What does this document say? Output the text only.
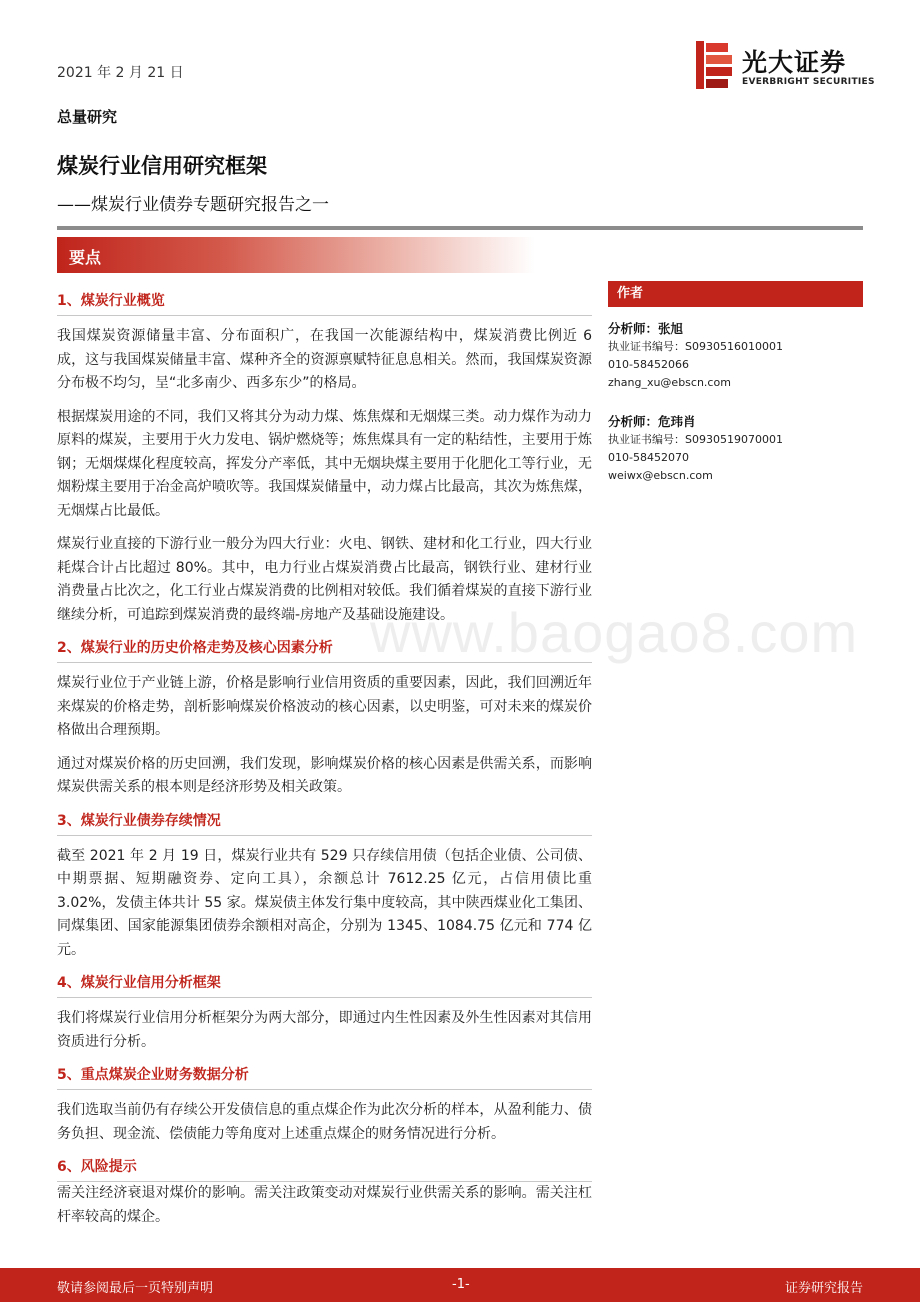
2021 年 2 月 21 日	光大证券
EVERBRIGHT SECURITIES
总量研究
煤炭行业信用研究框架
——煤炭行业债券专题研究报告之一
要点
www.baogao8.com
1、煤炭行业概览

我国煤炭资源储量丰富、分布面积广，在我国一次能源结构中，煤炭消费比例近 6 成，这与我国煤炭储量丰富、煤种齐全的资源禀赋特征息息相关。然而，我国煤炭资源分布极不均匀，呈“北多南少、西多东少”的格局。

根据煤炭用途的不同，我们又将其分为动力煤、炼焦煤和无烟煤三类。动力煤作为动力原料的煤炭，主要用于火力发电、锅炉燃烧等；炼焦煤具有一定的粘结性，主要用于炼钢；无烟煤煤化程度较高，挥发分产率低，其中无烟块煤主要用于化肥化工等行业，无烟粉煤主要用于冶金高炉喷吹等。我国煤炭储量中，动力煤占比最高，其次为炼焦煤，无烟煤占比最低。

煤炭行业直接的下游行业一般分为四大行业：火电、钢铁、建材和化工行业，四大行业耗煤合计占比超过 80%。其中，电力行业占煤炭消费占比最高，钢铁行业、建材行业消费量占比次之，化工行业占煤炭消费的比例相对较低。我们循着煤炭的直接下游行业继续分析，可追踪到煤炭消费的最终端-房地产及基础设施建设。

2、煤炭行业的历史价格走势及核心因素分析

煤炭行业位于产业链上游，价格是影响行业信用资质的重要因素，因此，我们回溯近年来煤炭的价格走势，剖析影响煤炭价格波动的核心因素，以史明鉴，可对未来的煤炭价格做出合理预期。

通过对煤炭价格的历史回溯，我们发现，影响煤炭价格的核心因素是供需关系，而影响煤炭供需关系的根本则是经济形势及相关政策。

3、煤炭行业债券存续情况

截至 2021 年 2 月 19 日，煤炭行业共有 529 只存续信用债（包括企业债、公司债、中期票据、短期融资券、定向工具），余额总计 7612.25 亿元，占信用债比重 3.02%，发债主体共计 55 家。煤炭债主体发行集中度较高，其中陕西煤业化工集团、同煤集团、国家能源集团债券余额相对高企，分别为 1345、1084.75 亿元和 774 亿元。

4、煤炭行业信用分析框架

我们将煤炭行业信用分析框架分为两大部分，即通过内生性因素及外生性因素对其信用资质进行分析。

5、重点煤炭企业财务数据分析

我们选取当前仍有存续公开发债信息的重点煤企作为此次分析的样本，从盈利能力、债务负担、现金流、偿债能力等角度对上述重点煤企的财务情况进行分析。

6、风险提示

需关注经济衰退对煤价的影响。需关注政策变动对煤炭行业供需关系的影响。需关注杠杆率较高的煤企。

作者
分析师：张旭
执业证书编号：S0930516010001
010-58452066
zhang_xu@ebscn.com
分析师：危玮肖
执业证书编号：S0930519070001
010-58452070
weiwx@ebscn.com
敬请参阅最后一页特别声明	-1-	证券研究报告
